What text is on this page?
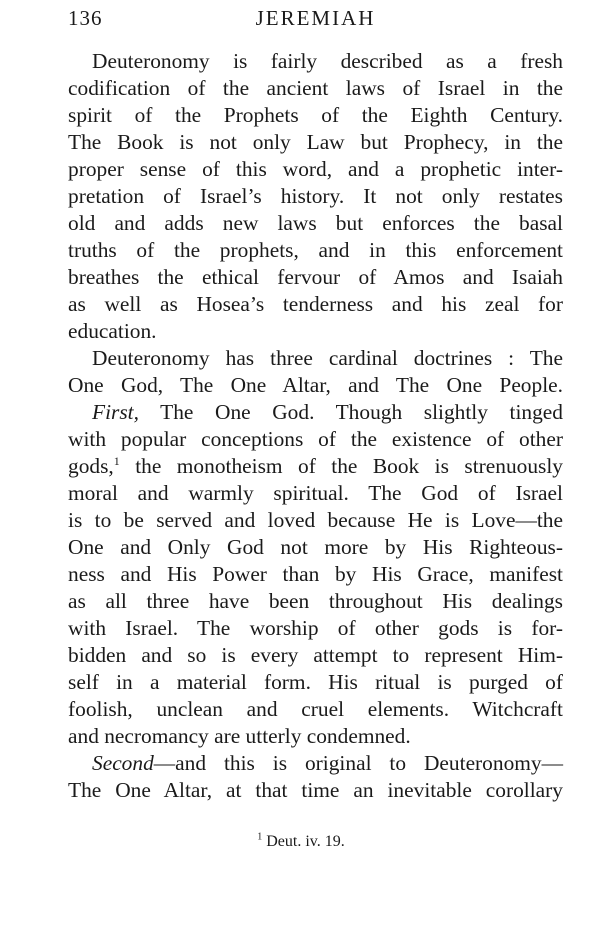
136	JEREMIAH

Deuteronomy is fairly described as a fresh

codification of the ancient laws of Israel in the

spirit of the Prophets of the Eighth Century.

The Book is not only Law but Prophecy, in the

proper sense of this word, and a prophetic inter-

pretation of Israel’s history. It not only restates

old and adds new laws but enforces the basal

truths of the prophets, and in this enforcement

breathes the ethical fervour of Amos and Isaiah

as well as Hosea’s tenderness and his zeal for

education.

Deuteronomy has three cardinal doctrines : The

One God, The One Altar, and The One People.

First, The One God. Though slightly tinged

with popular conceptions of the existence of other

gods,$^1$ the monotheism of the Book is strenuously

moral and warmly spiritual. The God of Israel

is to be served and loved because He is Love—the

One and Only God not more by His Righteous-

ness and His Power than by His Grace, manifest

as all three have been throughout His dealings

with Israel. The worship of other gods is for-

bidden and so is every attempt to represent Him-

self in a material form. His ritual is purged of

foolish, unclean and cruel elements. Witchcraft

and necromancy are utterly condemned.

Second—and this is original to Deuteronomy—

The One Altar, at that time an inevitable corollary

$^1$ Deut. iv. 19.
